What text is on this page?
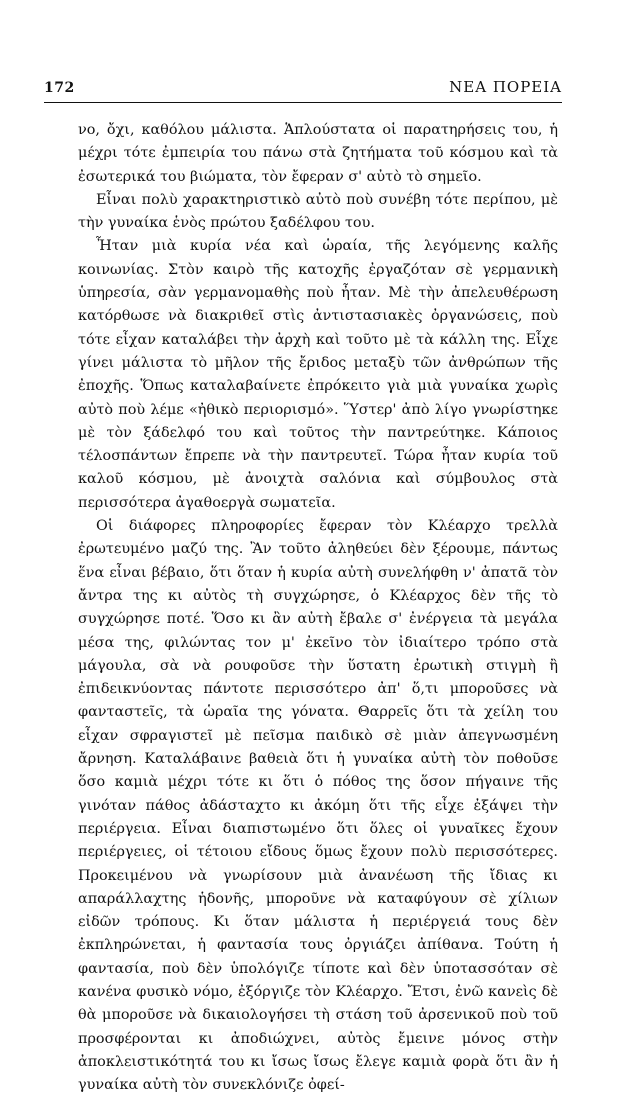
172	ΝΕΑ ΠΟΡΕΙΑ

νο, ὄχι, καθόλου μάλιστα. Ἁπλούστατα οἱ παρατηρήσεις του, ἡ μέχρι τότε ἐμπειρία του πάνω στὰ ζητήματα τοῦ κόσμου καὶ τὰ ἐσωτερικά του βιώματα, τὸν ἔφεραν σ' αὐτὸ τὸ σημεῖο.

Εἶναι πολὺ χαρακτηριστικὸ αὐτὸ ποὺ συνέβη τότε περίπου, μὲ τὴν γυναίκα ἑνὸς πρώτου ξαδέλφου του.

Ἦταν μιὰ κυρία νέα καὶ ὡραία, τῆς λεγόμενης καλῆς κοινωνίας. Στὸν καιρὸ τῆς κατοχῆς ἐργαζόταν σὲ γερμανικὴ ὑπηρεσία, σὰν γερμανομαθὴς ποὺ ἦταν. Μὲ τὴν ἀπελευθέρωση κατόρθωσε νὰ διακριθεῖ στὶς ἀντιστασιακὲς ὀργανώσεις, ποὺ τότε εἶχαν καταλάβει τὴν ἀρχὴ καὶ τοῦτο μὲ τὰ κάλλη της. Εἶχε γίνει μάλιστα τὸ μῆλον τῆς ἔριδος μεταξὺ τῶν ἀνθρώπων τῆς ἐποχῆς. Ὅπως καταλαβαίνετε ἐπρόκειτο γιὰ μιὰ γυναίκα χωρὶς αὐτὸ ποὺ λέμε «ἠθικὸ περιορισμό». Ὕστερ' ἀπὸ λίγο γνωρίστηκε μὲ τὸν ξάδελφό του καὶ τοῦτος τὴν παντρεύτηκε. Κάποιος τέλοσπάντων ἔπρεπε νὰ τὴν παντρευτεῖ. Τώρα ἦταν κυρία τοῦ καλοῦ κόσμου, μὲ ἀνοιχτὰ σαλόνια καὶ σύμβουλος στὰ περισσότερα ἀγαθοεργὰ σωματεῖα.

Οἱ διάφορες πληροφορίες ἔφεραν τὸν Κλέαρχο τρελλὰ ἐρωτευμένο μαζύ της. Ἂν τοῦτο ἀληθεύει δὲν ξέρουμε, πάντως ἕνα εἶναι βέβαιο, ὅτι ὅταν ἡ κυρία αὐτὴ συνελήφθη ν' ἀπατᾶ τὸν ἄντρα της κι αὐτὸς τὴ συγχώρησε, ὁ Κλέαρχος δὲν τῆς τὸ συγχώρησε ποτέ. Ὅσο κι ἂν αὐτὴ ἔβαλε σ' ἐνέργεια τὰ μεγάλα μέσα της, φιλώντας τον μ' ἐκεῖνο τὸν ἰδιαίτερο τρόπο στὰ μάγουλα, σὰ νὰ ρουφοῦσε τὴν ὕστατη ἐρωτικὴ στιγμὴ ἢ ἐπιδεικνύοντας πάντοτε περισσότερο ἀπ' ὅ,τι μποροῦσες νὰ φανταστεῖς, τὰ ὡραῖα της γόνατα. Θαρρεῖς ὅτι τὰ χείλη του εἶχαν σφραγιστεῖ μὲ πεῖσμα παιδικὸ σὲ μιὰν ἀπεγνωσμένη ἄρνηση. Καταλάβαινε βαθειὰ ὅτι ἡ γυναίκα αὐτὴ τὸν ποθοῦσε ὅσο καμιὰ μέχρι τότε κι ὅτι ὁ πόθος της ὅσον πήγαινε τῆς γινόταν πάθος ἀδάσταχτο κι ἀκόμη ὅτι τῆς εἶχε ἐξάψει τὴν περιέργεια. Εἶναι διαπιστωμένο ὅτι ὅλες οἱ γυναῖκες ἔχουν περιέργειες, οἱ τέτοιου εἴδους ὅμως ἔχουν πολὺ περισσότερες. Προκειμένου νὰ γνωρίσουν μιὰ ἀνανέωση τῆς ἴδιας κι απαράλλαχτης ἡδονῆς, μποροῦνε νὰ καταφύγουν σὲ χίλιων εἰδῶν τρόπους. Κι ὅταν μάλιστα ἡ περιέργειά τους δὲν ἐκπληρώνεται, ἡ φαντασία τους ὀργιάζει ἀπίθανα. Τούτη ἡ φαντασία, ποὺ δὲν ὑπολόγιζε τίποτε καὶ δὲν ὑποτασσόταν σὲ κανένα φυσικὸ νόμο, ἐξόργιζε τὸν Κλέαρχο. Ἔτσι, ἐνῶ κανεὶς δὲ θὰ μποροῦσε νὰ δικαιολογήσει τὴ στάση τοῦ ἀρσενικοῦ ποὺ τοῦ προσφέρονται κι ἀποδιώχνει, αὐτὸς ἔμεινε μόνος στὴν ἀποκλειστικότητά του κι ἴσως ἴσως ἔλεγε καμιὰ φορὰ ὅτι ἂν ἡ γυναίκα αὐτὴ τὸν συνεκλόνιζε ὀφεί-
